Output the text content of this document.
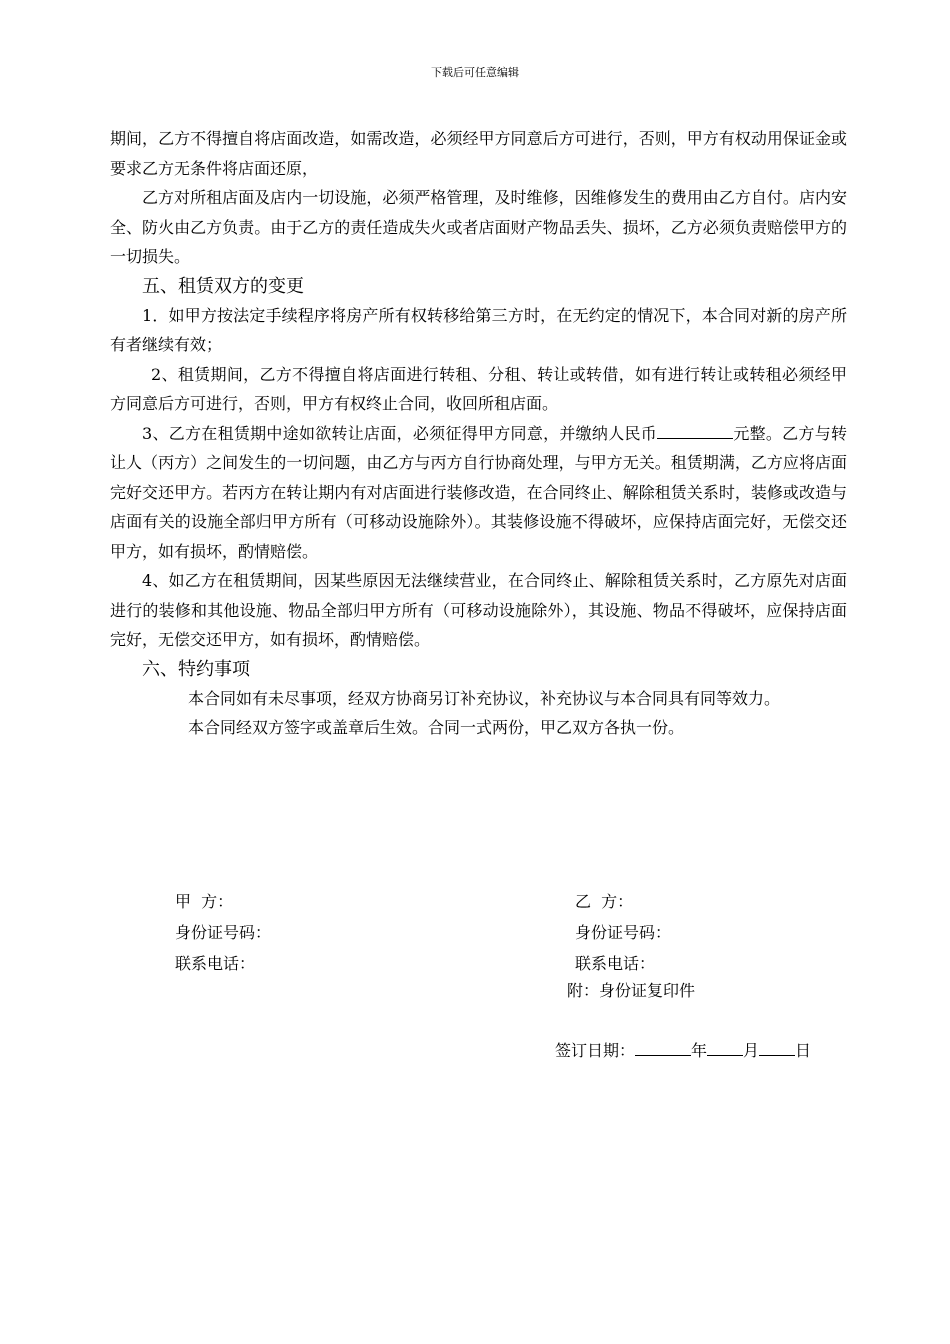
下载后可任意编辑

期间，乙方不得擅自将店面改造，如需改造，必须经甲方同意后方可进行，否则，甲方有权动用保证金或要求乙方无条件将店面还原，

乙方对所租店面及店内一切设施，必须严格管理，及时维修，因维修发生的费用由乙方自付。店内安全、防火由乙方负责。由于乙方的责任造成失火或者店面财产物品丢失、损坏，乙方必须负责赔偿甲方的一切损失。

五、租赁双方的变更

1．如甲方按法定手续程序将房产所有权转移给第三方时，在无约定的情况下，本合同对新的房产所有者继续有效；

2、租赁期间，乙方不得擅自将店面进行转租、分租、转让或转借，如有进行转让或转租必须经甲方同意后方可进行，否则，甲方有权终止合同，收回所租店面。

3、乙方在租赁期中途如欲转让店面，必须征得甲方同意，并缴纳人民币	元整。乙方与转让人（丙方）之间发生的一切问题，由乙方与丙方自行协商处理，与甲方无关。租赁期满，乙方应将店面完好交还甲方。若丙方在转让期内有对店面进行装修改造，在合同终止、解除租赁关系时，装修或改造与店面有关的设施全部归甲方所有（可移动设施除外）。其装修设施不得破坏，应保持店面完好，无偿交还甲方，如有损坏，酌情赔偿。

4、如乙方在租赁期间，因某些原因无法继续营业，在合同终止、解除租赁关系时，乙方原先对店面进行的装修和其他设施、物品全部归甲方所有（可移动设施除外），其设施、物品不得破坏，应保持店面完好，无偿交还甲方，如有损坏，酌情赔偿。

六、特约事项

本合同如有未尽事项，经双方协商另订补充协议，补充协议与本合同具有同等效力。

本合同经双方签字或盖章后生效。合同一式两份，甲乙双方各执一份。

甲  方：

身份证号码：

联系电话：

乙  方：

身份证号码：

联系电话：

附：身份证复印件
签订日期：	年 月 日
